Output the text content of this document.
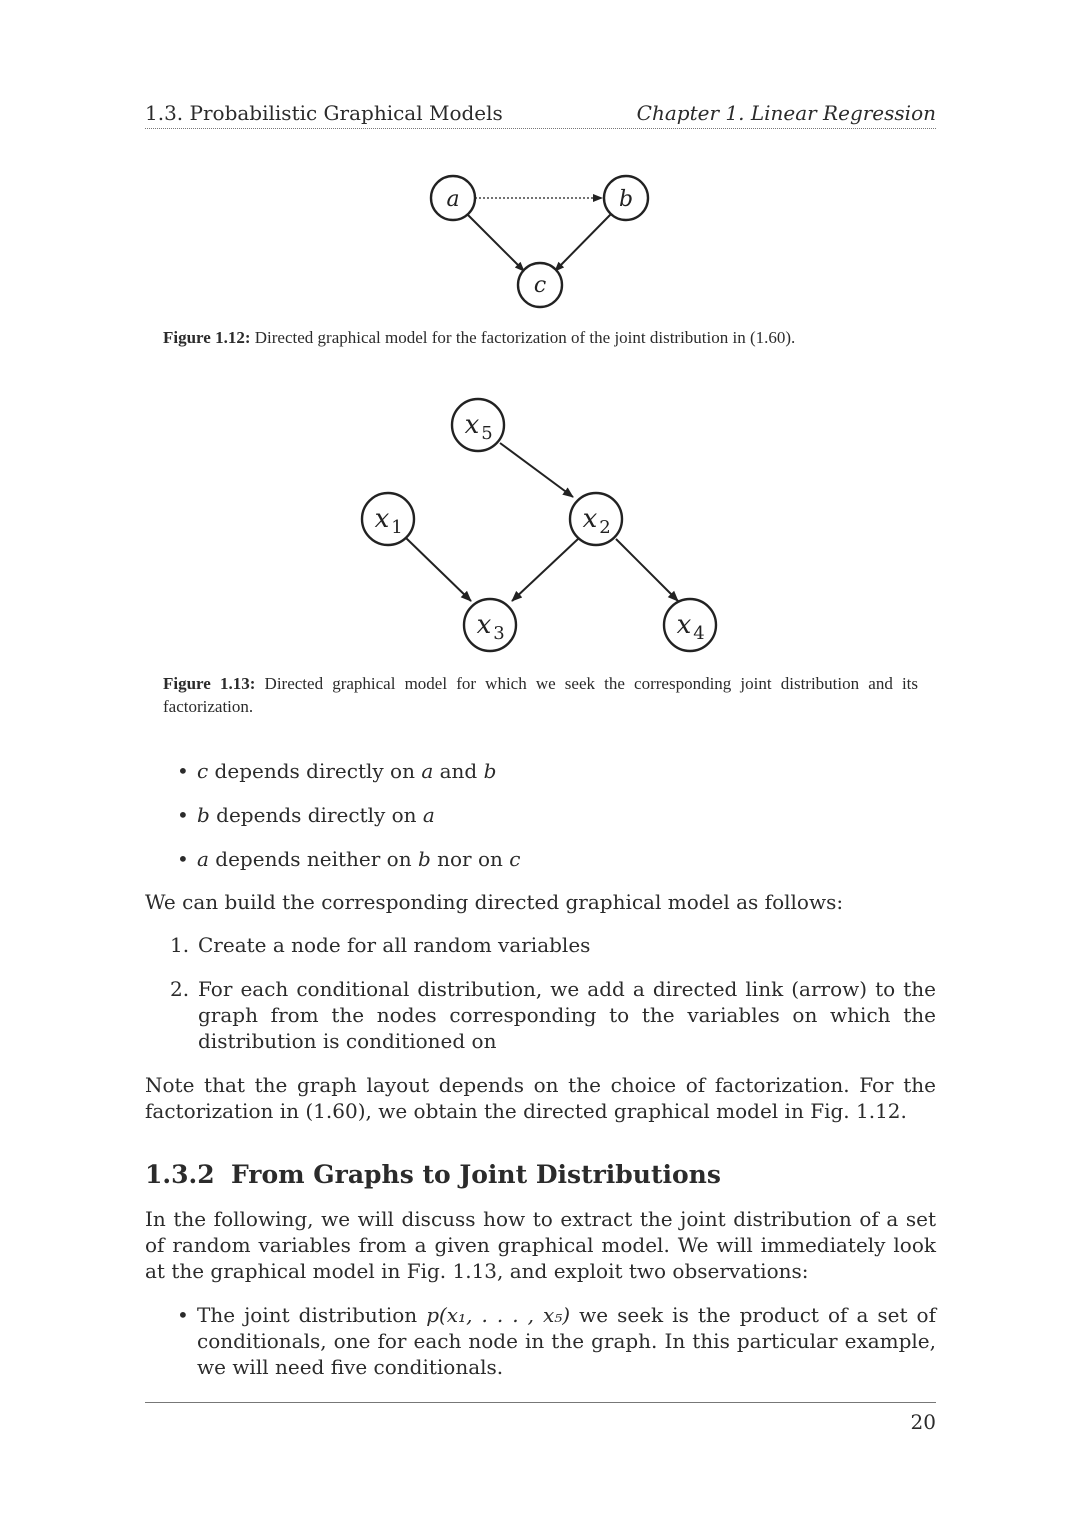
1.3. Probabilistic Graphical Models	Chapter 1. Linear Regression
a	b
c
Figure 1.12: Directed graphical model for the factorization of the joint distribution in (1.60).
x 5
x 1	x 2
x 3	x 4
Figure 1.13: Directed graphical model for which we seek the corresponding joint distribution and its factorization.
• c depends directly on a and b
• b depends directly on a
• a depends neither on b nor on c
We can build the corresponding directed graphical model as follows:
1. Create a node for all random variables
2. For each conditional distribution, we add a directed link (arrow) to the graph from the nodes corresponding to the variables on which the distribution is conditioned on
Note that the graph layout depends on the choice of factorization. For the factorization in (1.60), we obtain the directed graphical model in Fig. 1.12.
1.3.2 From Graphs to Joint Distributions
In the following, we will discuss how to extract the joint distribution of a set of random variables from a given graphical model. We will immediately look at the graphical model in Fig. 1.13, and exploit two observations:
• The joint distribution p(x₁, . . . , x₅) we seek is the product of a set of conditionals, one for each node in the graph. In this particular example, we will need five conditionals.
20
